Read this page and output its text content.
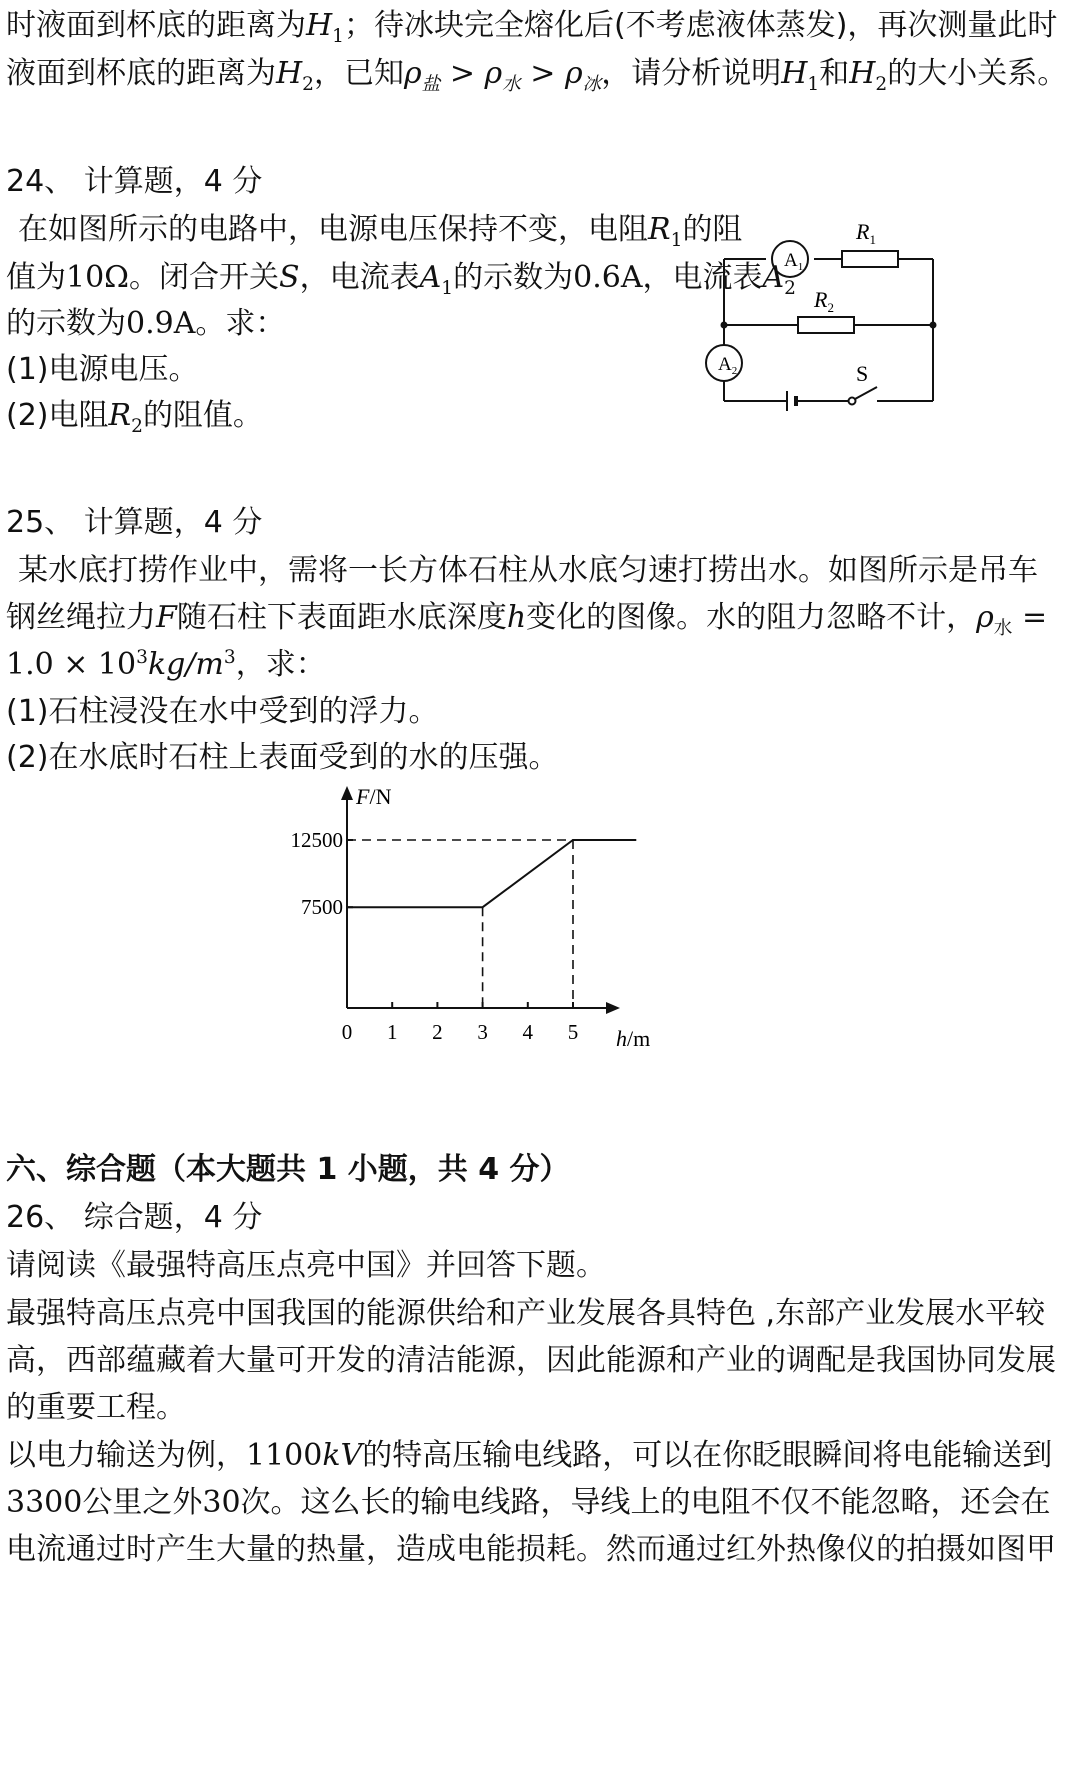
时液面到杯底的距离为$H_1$；待冰块完全熔化后(不考虑液体蒸发)，再次测量此时
液面到杯底的距离为$H_2$，已知$\rho_盐 > \rho_水 > \rho_冰$，请分析说明$H_1$和$H_2$的大小关系。
24、 计算题，4 分
在如图所示的电路中，电源电压保持不变，电阻$R_1$的阻
值为10Ω。闭合开关S，电流表$A_1$的示数为0.6A，电流表$A_2$
的示数为0.9A。求：
(1)电源电压。
(2)电阻$R_2$的阻值。
$A_1$
$A_2$
$R_1$
$R_2$
S
25、 计算题，4 分
某水底打捞作业中，需将一长方体石柱从水底匀速打捞出水。如图所示是吊车
钢丝绳拉力F随石柱下表面距水底深度h变化的图像。水的阻力忽略不计，$\rho_水$ =
$1.0 \times 10^3kg/m^3$，求：
(1)石柱浸没在水中受到的浮力。
(2)在水底时石柱上表面受到的水的压强。
7500
12500
0 1 2 3 4 5
F/N
h/m
六、综合题（本大题共 1 小题，共 4 分）
26、 综合题，4 分
请阅读《最强特高压点亮中国》并回答下题。
最强特高压点亮中国我国的能源供给和产业发展各具特色 ,东部产业发展水平较
高，西部蕴藏着大量可开发的清洁能源，因此能源和产业的调配是我国协同发展
的重要工程。
以电力输送为例，1100kV的特高压输电线路，可以在你眨眼瞬间将电能输送到
3300公里之外30次。这么长的输电线路，导线上的电阻不仅不能忽略，还会在
电流通过时产生大量的热量，造成电能损耗。然而通过红外热像仪的拍摄如图甲
